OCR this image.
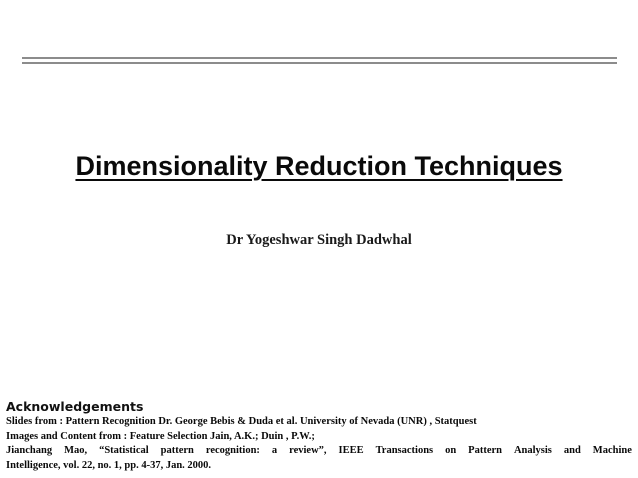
Dimensionality Reduction Techniques
Dr Yogeshwar Singh Dadwhal
Acknowledgements
Slides from : Pattern Recognition Dr. George Bebis & Duda et al. University of Nevada (UNR) , Statquest
Images and Content from : Feature Selection Jain, A.K.; Duin , P.W.;
Jianchang Mao, “Statistical pattern recognition: a review”, IEEE Transactions on Pattern Analysis and Machine
Intelligence, vol. 22, no. 1, pp. 4-37, Jan. 2000.
